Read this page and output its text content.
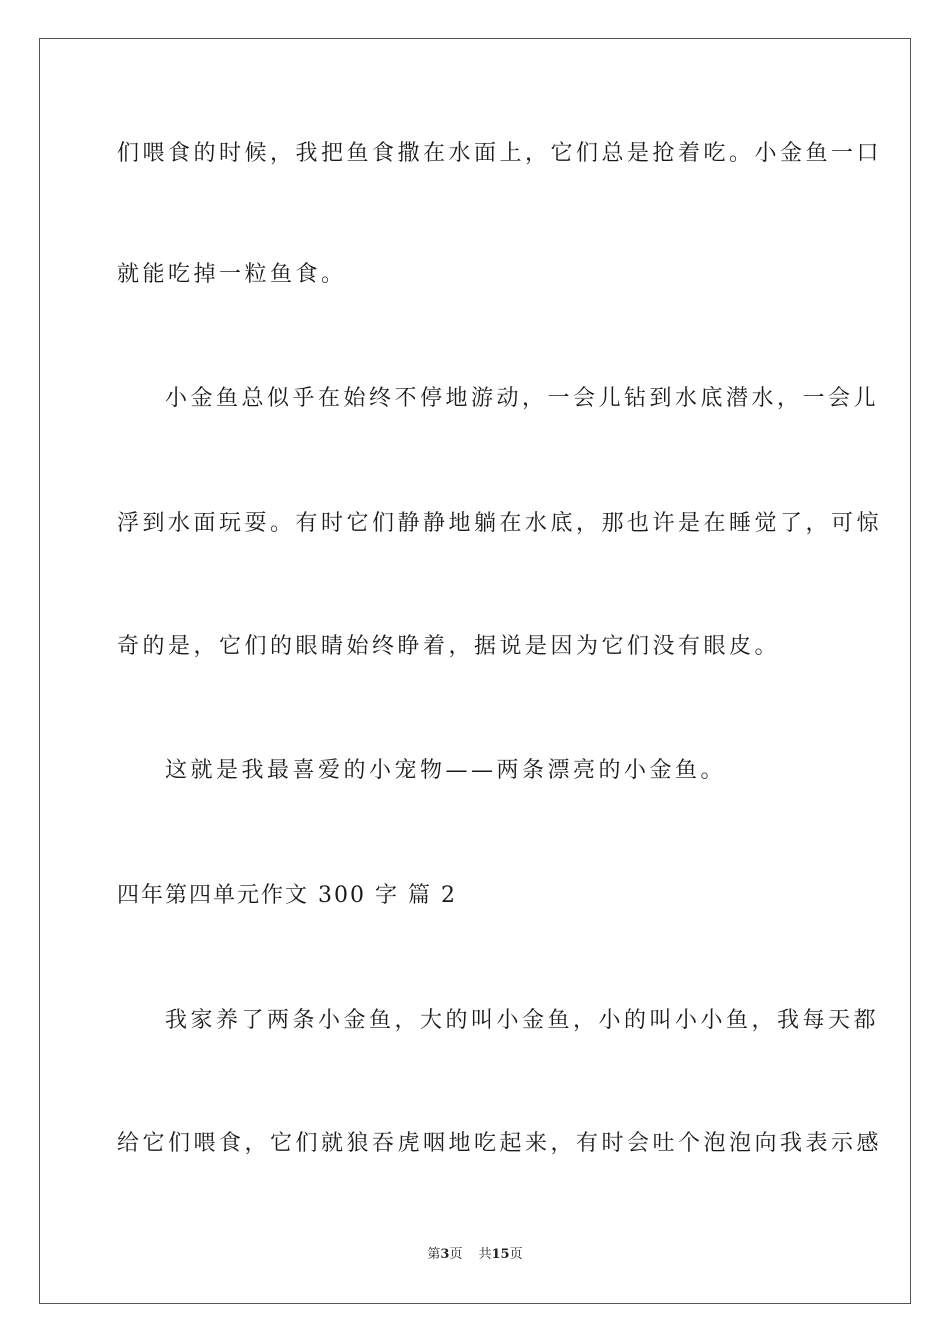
们喂食的时候，我把鱼食撒在水面上，它们总是抢着吃。小金鱼一口
就能吃掉一粒鱼食。
小金鱼总似乎在始终不停地游动，一会儿钻到水底潜水，一会儿
浮到水面玩耍。有时它们静静地躺在水底，那也许是在睡觉了，可惊
奇的是，它们的眼睛始终睁着，据说是因为它们没有眼皮。
这就是我最喜爱的小宠物——两条漂亮的小金鱼。
四年第四单元作文 300 字 篇 2
我家养了两条小金鱼，大的叫小金鱼，小的叫小小鱼，我每天都
给它们喂食，它们就狼吞虎咽地吃起来，有时会吐个泡泡向我表示感
第3页 共15页
